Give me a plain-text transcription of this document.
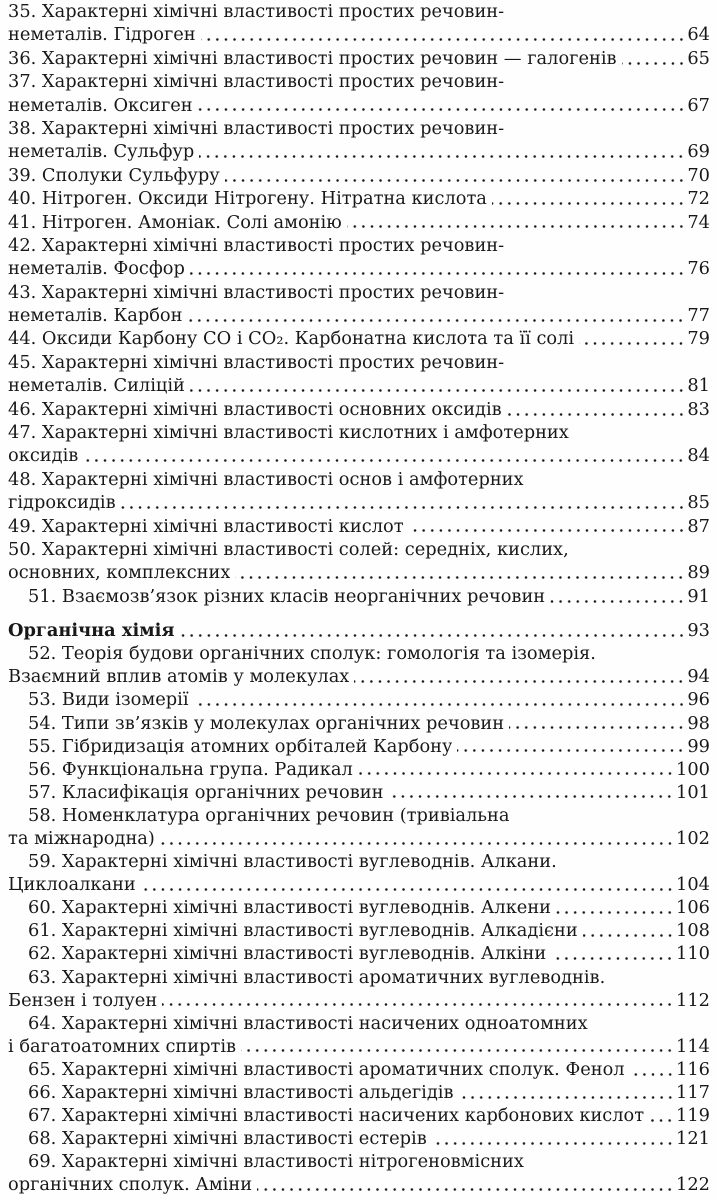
35. Характерні хімічні властивості простих речовин-
неметалів. Гідроген	64
36. Характерні хімічні властивості простих речовин — галогенів	65
37. Характерні хімічні властивості простих речовин-
неметалів. Оксиген	67
38. Характерні хімічні властивості простих речовин-
неметалів. Сульфур	69
39. Сполуки Сульфуру	70
40. Нітроген. Оксиди Нітрогену. Нітратна кислота	72
41. Нітроген. Амоніак. Солі амонію	74
42. Характерні хімічні властивості простих речовин-
неметалів. Фосфор	76
43. Характерні хімічні властивості простих речовин-
неметалів. Карбон	77
44. Оксиди Карбону CO і CO₂. Карбонатна кислота та її солі	79
45. Характерні хімічні властивості простих речовин-
неметалів. Силіцій	81
46. Характерні хімічні властивості основних оксидів	83
47. Характерні хімічні властивості кислотних і амфотерних
оксидів	84
48. Характерні хімічні властивості основ і амфотерних
гідроксидів	85
49. Характерні хімічні властивості кислот	87
50. Характерні хімічні властивості солей: середніх, кислих,
основних, комплексних	89
51. Взаємозв’язок різних класів неорганічних речовин	91
Органічна хімія	93
52. Теорія будови органічних сполук: гомологія та ізомерія.
Взаємний вплив атомів у молекулах	94
53. Види ізомерії	96
54. Типи зв’язків у молекулах органічних речовин	98
55. Гібридизація атомних орбіталей Карбону	99
56. Функціональна група. Радикал	100
57. Класифікація органічних речовин	101
58. Номенклатура органічних речовин (тривіальна
та міжнародна)	102
59. Характерні хімічні властивості вуглеводнів. Алкани.
Циклоалкани	104
60. Характерні хімічні властивості вуглеводнів. Алкени	106
61. Характерні хімічні властивості вуглеводнів. Алкадієни	108
62. Характерні хімічні властивості вуглеводнів. Алкіни	110
63. Характерні хімічні властивості ароматичних вуглеводнів.
Бензен і толуен	112
64. Характерні хімічні властивості насичених одноатомних
і багатоатомних спиртів	114
65. Характерні хімічні властивості ароматичних сполук. Фенол	116
66. Характерні хімічні властивості альдегідів	117
67. Характерні хімічні властивості насичених карбонових кислот 119
68. Характерні хімічні властивості естерів	121
69. Характерні хімічні властивості нітрогеновмісних
органічних сполук. Аміни	122
